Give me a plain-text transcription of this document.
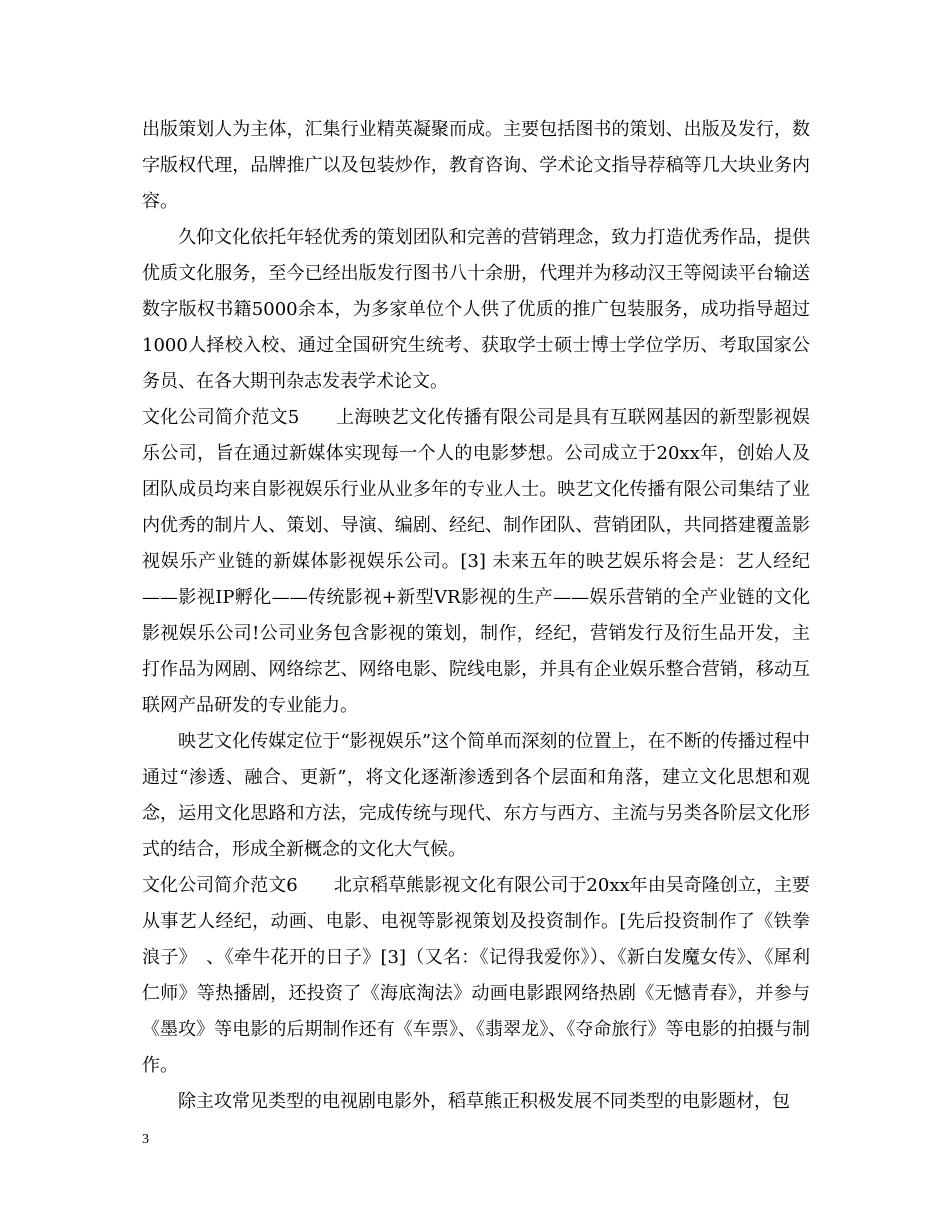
出版策划人为主体，汇集行业精英凝聚而成。主要包括图书的策划、出版及发行，数字版权代理，品牌推广以及包装炒作，教育咨询、学术论文指导荐稿等几大块业务内容。

久仰文化依托年轻优秀的策划团队和完善的营销理念，致力打造优秀作品，提供优质文化服务，至今已经出版发行图书八十余册，代理并为移动汉王等阅读平台输送数字版权书籍5000余本，为多家单位个人供了优质的推广包装服务，成功指导超过1000人择校入校、通过全国研究生统考、获取学士硕士博士学位学历、考取国家公务员、在各大期刊杂志发表学术论文。

文化公司简介范文5　　上海映艺文化传播有限公司是具有互联网基因的新型影视娱乐公司，旨在通过新媒体实现每一个人的电影梦想。公司成立于20xx年，创始人及团队成员均来自影视娱乐行业从业多年的专业人士。映艺文化传播有限公司集结了业内优秀的制片人、策划、导演、编剧、经纪、制作团队、营销团队，共同搭建覆盖影视娱乐产业链的新媒体影视娱乐公司。[3] 未来五年的映艺娱乐将会是：艺人经纪——影视IP孵化——传统影视+新型VR影视的生产——娱乐营销的全产业链的文化影视娱乐公司!公司业务包含影视的策划，制作，经纪，营销发行及衍生品开发，主打作品为网剧、网络综艺、网络电影、院线电影，并具有企业娱乐整合营销，移动互联网产品研发的专业能力。

映艺文化传媒定位于“影视娱乐”这个简单而深刻的位置上，在不断的传播过程中通过“渗透、融合、更新”，将文化逐渐渗透到各个层面和角落，建立文化思想和观念，运用文化思路和方法，完成传统与现代、东方与西方、主流与另类各阶层文化形式的结合，形成全新概念的文化大气候。

文化公司简介范文6　　北京稻草熊影视文化有限公司于20xx年由吴奇隆创立，主要从事艺人经纪，动画、电影、电视等影视策划及投资制作。[先后投资制作了《铁拳浪子》　、《牵牛花开的日子》[3]（又名：《记得我爱你》）、《新白发魔女传》、《犀利仁师》等热播剧，还投资了《海底淘法》动画电影跟网络热剧《无憾青春》，并参与《墨攻》等电影的后期制作还有《车票》、《翡翠龙》、《夺命旅行》等电影的拍摄与制作。

除主攻常见类型的电视剧电影外，稻草熊正积极发展不同类型的电影题材，包

3
